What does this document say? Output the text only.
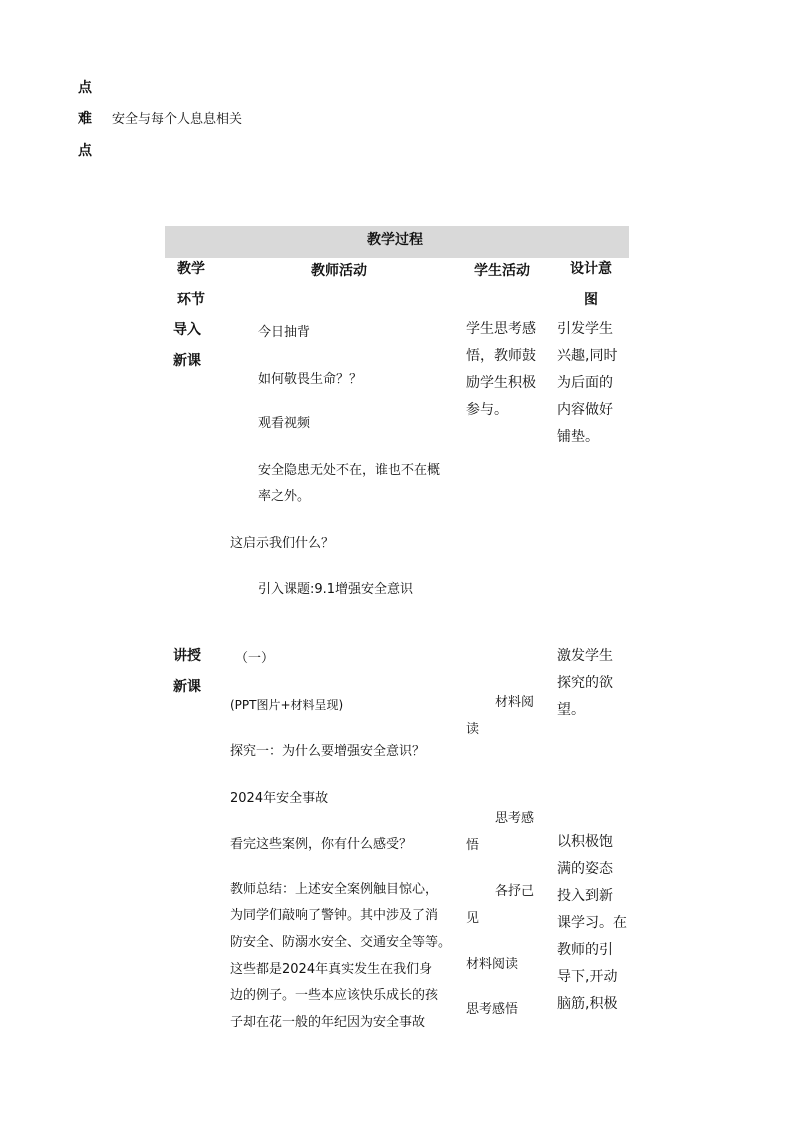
点
难 安全与每个人息息相关
点
教学过程
教学
环节
教师活动	学生活动	设计意
图
导入
新课
今日抽背
如何敬畏生命？？
观看视频
安全隐患无处不在，谁也不在概
率之外。
这启示我们什么？
引入课题:9.1增强安全意识
学生思考感
悟，教师鼓
励学生积极
参与。
引发学生
兴趣,同时
为后面的
内容做好
铺垫。
讲授
新课
（一）
(PPT图片+材料呈现)
探究一：为什么要增强安全意识？
2024年安全事故
看完这些案例，你有什么感受？
教师总结：上述安全案例触目惊心，
为同学们敲响了警钟。其中涉及了消
防安全、防溺水安全、交通安全等等。
这些都是2024年真实发生在我们身
边的例子。一些本应该快乐成长的孩
子却在花一般的年纪因为安全事故
材料阅
读
思考感
悟
各抒己
见
材料阅读
思考感悟
激发学生
探究的欲
望。
以积极饱
满的姿态
投入到新
课学习。在
教师的引
导下,开动
脑筋,积极
